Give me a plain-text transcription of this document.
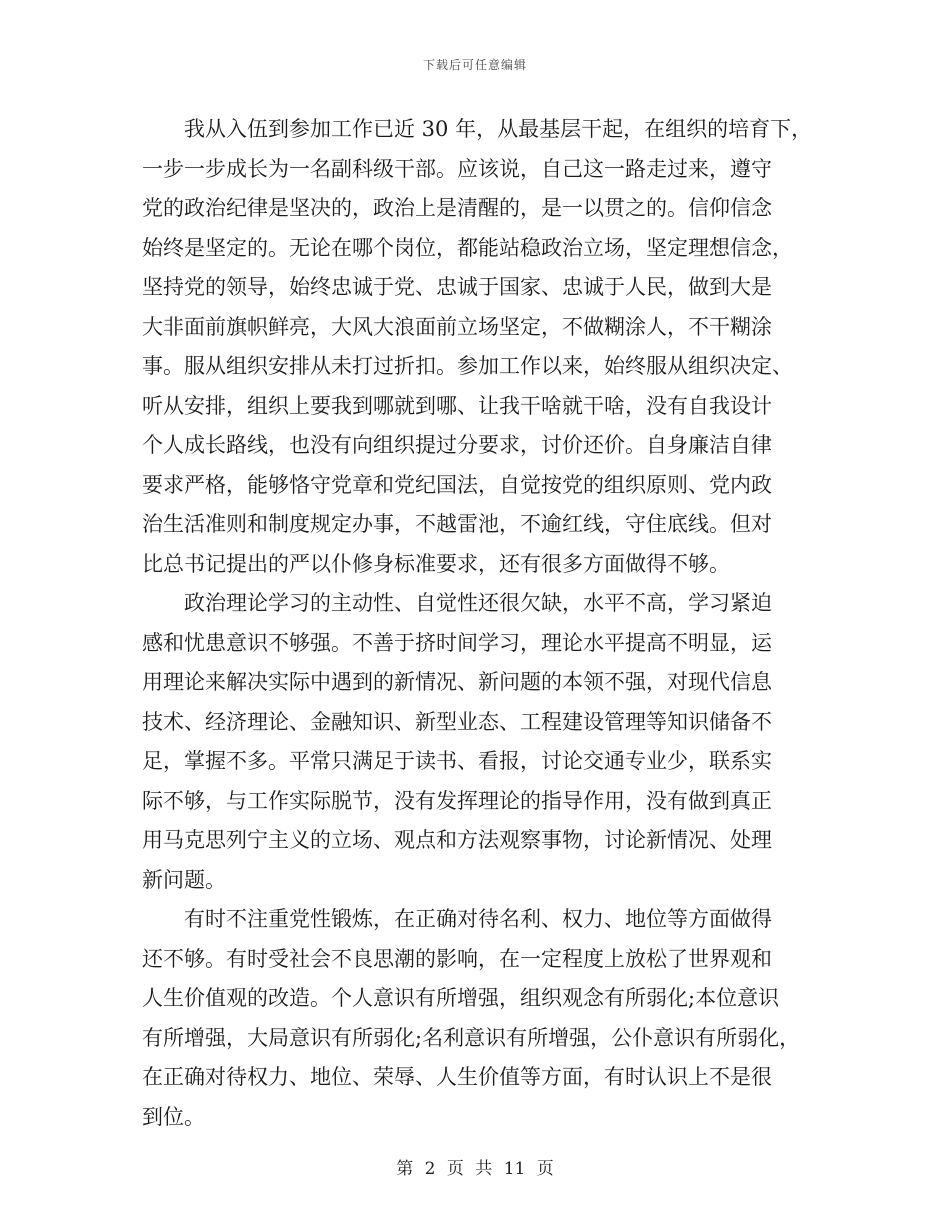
下载后可任意编辑
我从入伍到参加工作已近 30 年，从最基层干起，在组织的培育下，
一步一步成长为一名副科级干部。应该说，自己这一路走过来，遵守
党的政治纪律是坚决的，政治上是清醒的，是一以贯之的。信仰信念
始终是坚定的。无论在哪个岗位，都能站稳政治立场，坚定理想信念，
坚持党的领导，始终忠诚于党、忠诚于国家、忠诚于人民，做到大是
大非面前旗帜鲜亮，大风大浪面前立场坚定，不做糊涂人，不干糊涂
事。服从组织安排从未打过折扣。参加工作以来，始终服从组织决定、
听从安排，组织上要我到哪就到哪、让我干啥就干啥，没有自我设计
个人成长路线，也没有向组织提过分要求，讨价还价。自身廉洁自律
要求严格，能够恪守党章和党纪国法，自觉按党的组织原则、党内政
治生活准则和制度规定办事，不越雷池，不逾红线，守住底线。但对
比总书记提出的严以仆修身标准要求，还有很多方面做得不够。
政治理论学习的主动性、自觉性还很欠缺，水平不高，学习紧迫
感和忧患意识不够强。不善于挤时间学习，理论水平提高不明显，运
用理论来解决实际中遇到的新情况、新问题的本领不强，对现代信息
技术、经济理论、金融知识、新型业态、工程建设管理等知识储备不
足，掌握不多。平常只满足于读书、看报，讨论交通专业少，联系实
际不够，与工作实际脱节，没有发挥理论的指导作用，没有做到真正
用马克思列宁主义的立场、观点和方法观察事物，讨论新情况、处理
新问题。
有时不注重党性锻炼，在正确对待名利、权力、地位等方面做得
还不够。有时受社会不良思潮的影响，在一定程度上放松了世界观和
人生价值观的改造。个人意识有所增强，组织观念有所弱化;本位意识
有所增强，大局意识有所弱化;名利意识有所增强，公仆意识有所弱化，
在正确对待权力、地位、荣辱、人生价值等方面，有时认识上不是很
到位。
第 2 页 共 11 页
